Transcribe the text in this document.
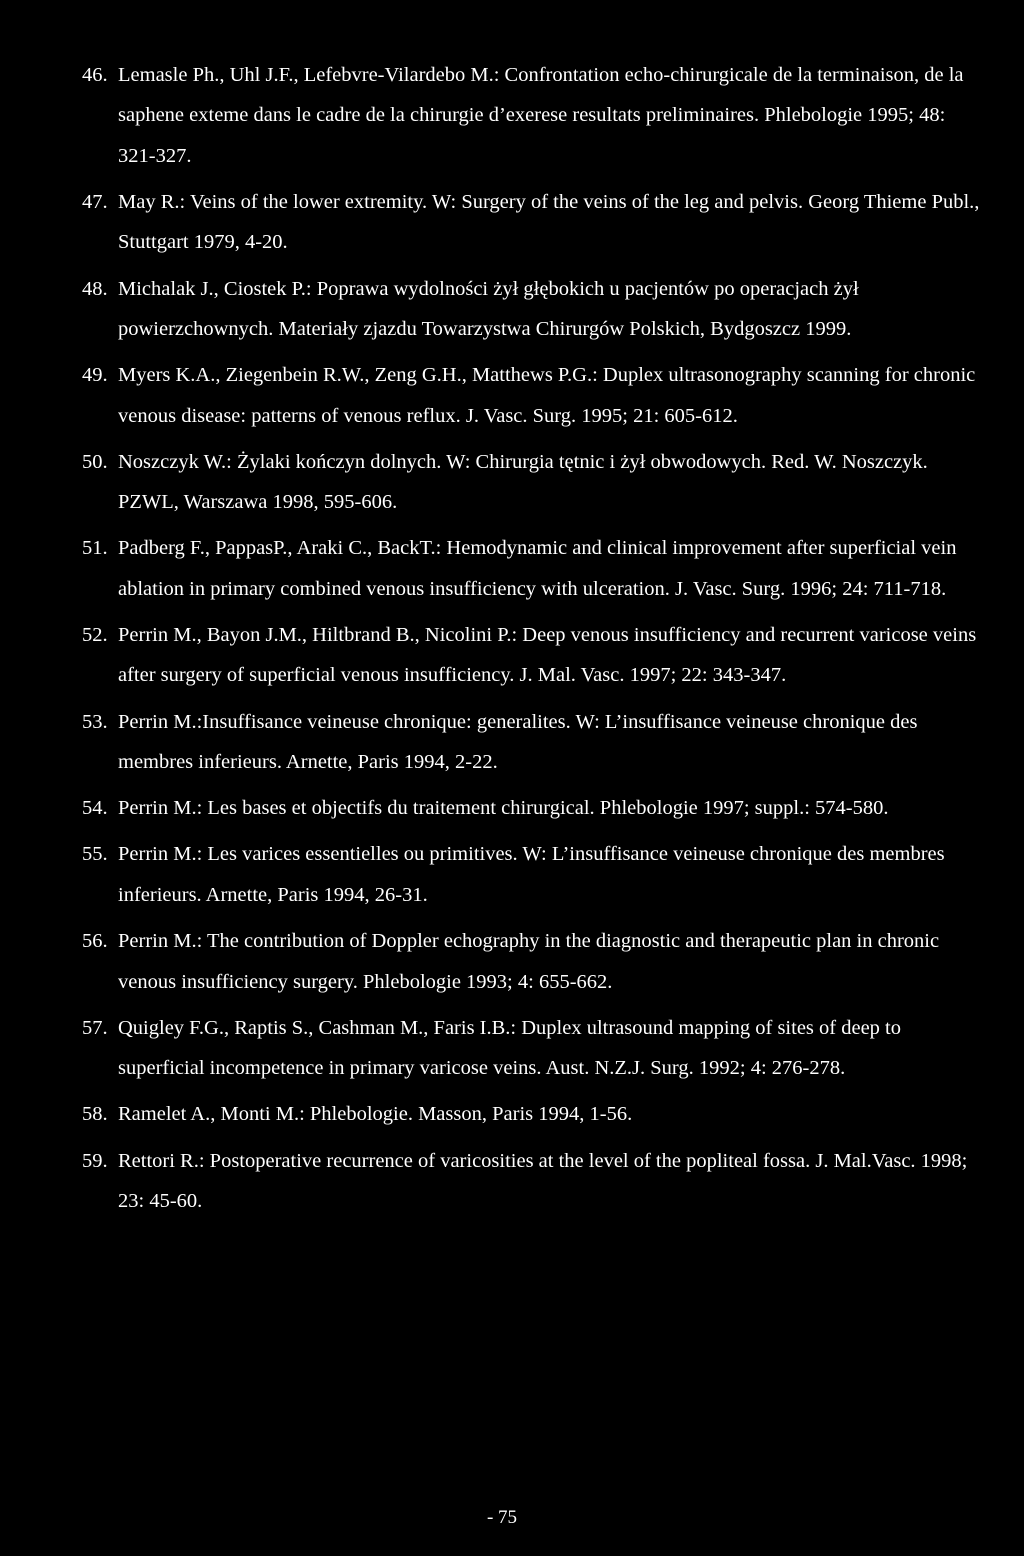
46. Lemasle Ph., Uhl J.F., Lefebvre-Vilardebo M.: Confrontation echo-chirurgicale de la terminaison, de la saphene exteme dans le cadre de la chirurgie d’exerese resultats preliminaires. Phlebologie 1995; 48: 321-327.
47. May R.: Veins of the lower extremity. W: Surgery of the veins of the leg and pelvis. Georg Thieme Publ., Stuttgart 1979, 4-20.
48. Michalak J., Ciostek P.: Poprawa wydolności żył głębokich u pacjentów po operacjach żył powierzchownych. Materiały zjazdu Towarzystwa Chirurgów Polskich, Bydgoszcz 1999.
49. Myers K.A., Ziegenbein R.W., Zeng G.H., Matthews P.G.: Duplex ultrasonography scanning for chronic venous disease: patterns of venous reflux. J. Vasc. Surg. 1995; 21: 605-612.
50. Noszczyk W.: Żylaki kończyn dolnych. W: Chirurgia tętnic i żył obwodowych. Red. W. Noszczyk. PZWL, Warszawa 1998, 595-606.
51. Padberg F., PappasP., Araki C., BackT.: Hemodynamic and clinical improvement after superficial vein ablation in primary combined venous insufficiency with ulceration. J. Vasc. Surg. 1996; 24: 711-718.
52. Perrin M., Bayon J.M., Hiltbrand B., Nicolini P.: Deep venous insufficiency and recurrent varicose veins after surgery of superficial venous insufficiency. J. Mal. Vasc. 1997; 22: 343-347.
53. Perrin M.:Insuffisance veineuse chronique: generalites. W: L’insuffisance veineuse chronique des membres inferieurs. Arnette, Paris 1994, 2-22.
54. Perrin M.: Les bases et objectifs du traitement chirurgical. Phlebologie 1997; suppl.: 574-580.
55. Perrin M.: Les varices essentielles ou primitives. W: L’insuffisance veineuse chronique des membres inferieurs. Arnette, Paris 1994, 26-31.
56. Perrin M.: The contribution of Doppler echography in the diagnostic and therapeutic plan in chronic venous insufficiency surgery. Phlebologie 1993; 4: 655-662.
57. Quigley F.G., Raptis S., Cashman M., Faris I.B.: Duplex ultrasound mapping of sites of deep to superficial incompetence in primary varicose veins. Aust. N.Z.J. Surg. 1992; 4: 276-278.
58. Ramelet A., Monti M.: Phlebologie. Masson, Paris 1994, 1-56.
59. Rettori R.: Postoperative recurrence of varicosities at the level of the popliteal fossa. J. Mal.Vasc. 1998; 23: 45-60.
- 75
